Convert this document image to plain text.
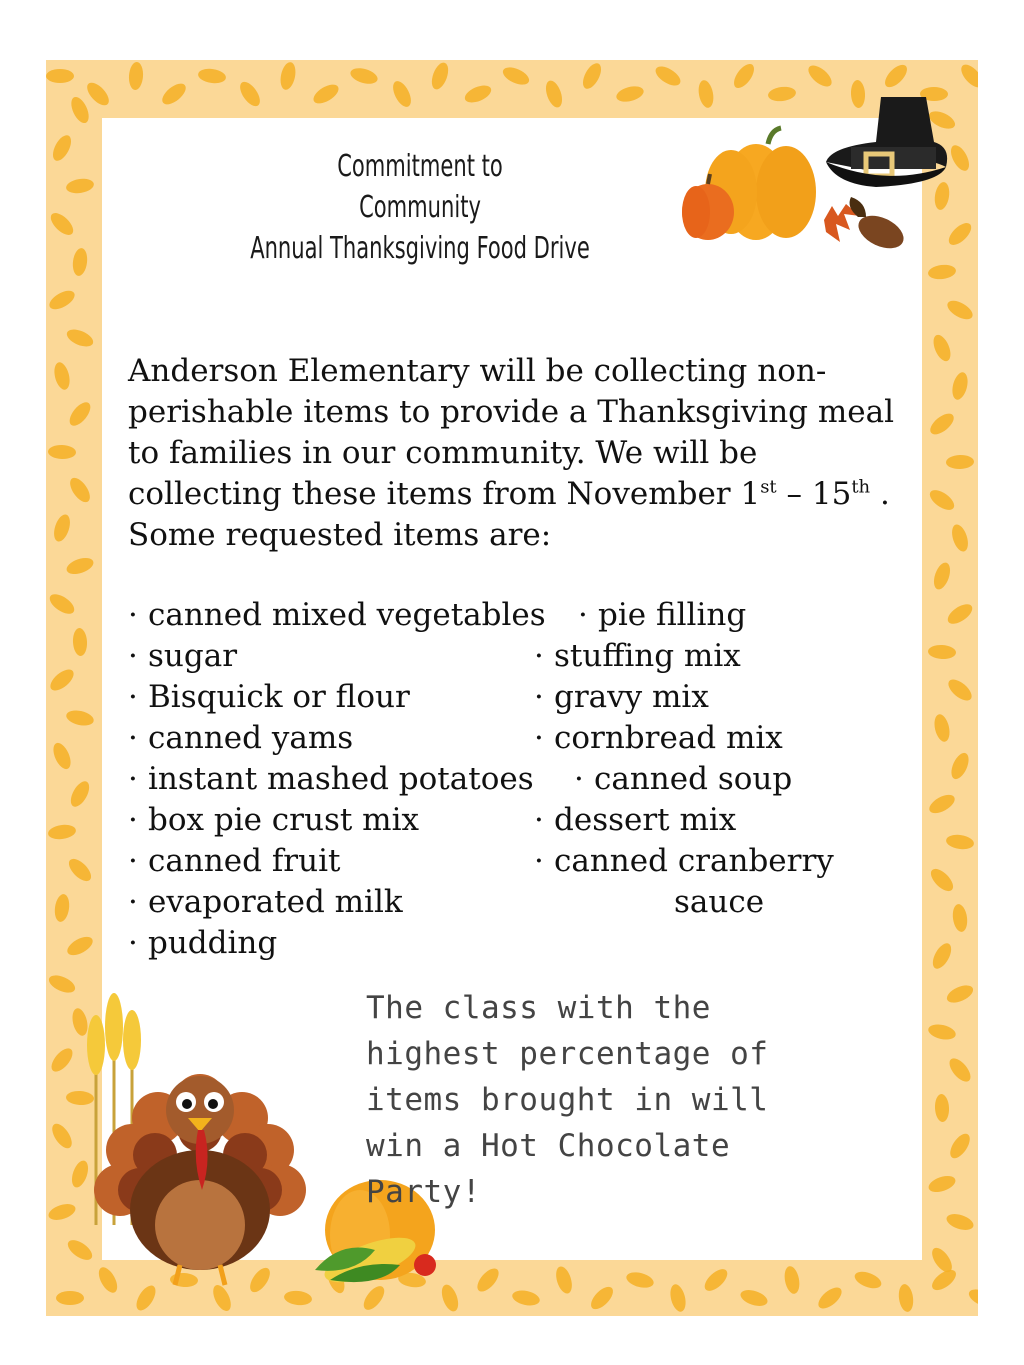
Commitment to
Community
Annual Thanksgiving Food Drive
Anderson Elementary will be collecting non-perishable items to provide a Thanksgiving meal to families in our community. We will be collecting these items from November 1st – 15th . Some requested items are:
· canned mixed vegetables · pie filling
· sugar	· stuffing mix
· Bisquick or flour	· gravy mix
· canned yams	· cornbread mix
· instant mashed potatoes · canned soup
· box pie crust mix	· dessert mix
· canned fruit	· canned cranberry
· evaporated milk	sauce
· pudding
The class with the
highest percentage of
items brought in will
win a Hot Chocolate
Party!
